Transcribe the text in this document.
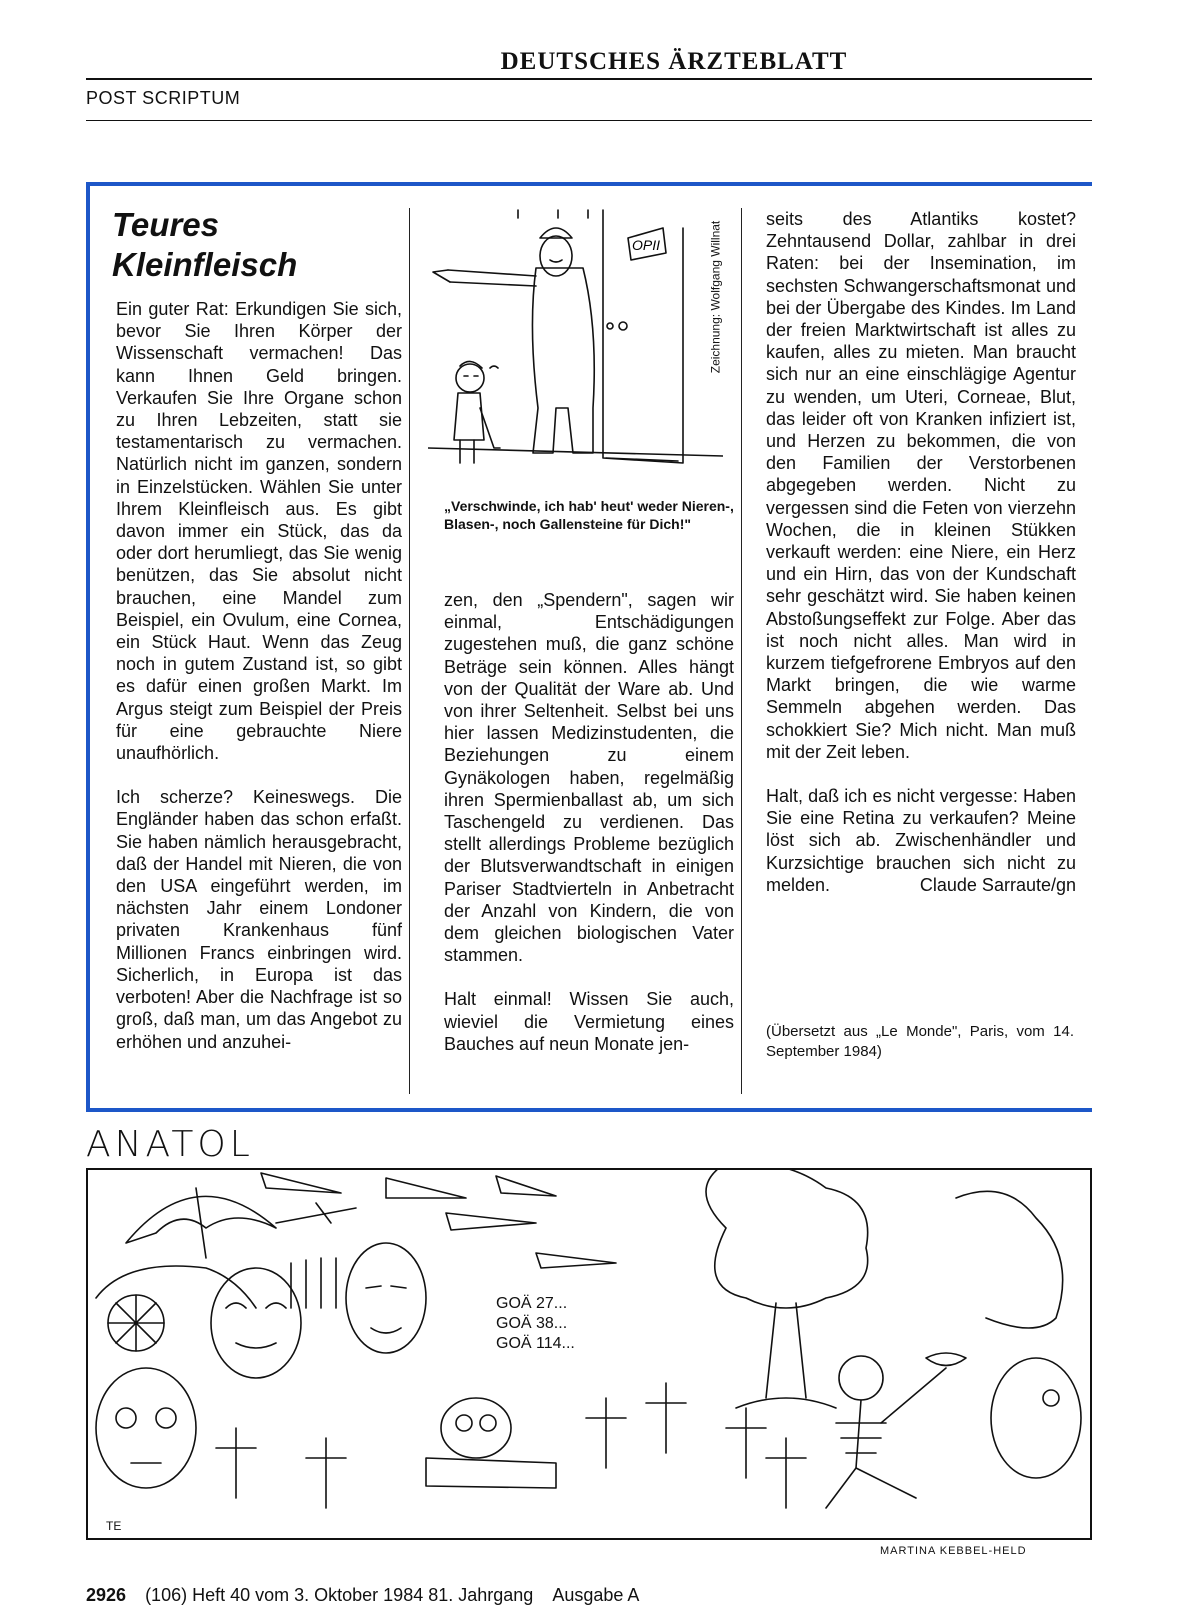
DEUTSCHES ÄRZTEBLATT
POST SCRIPTUM
Teures
Kleinfleisch

Ein guter Rat: Erkundigen Sie sich, bevor Sie Ihren Körper der Wissenschaft vermachen! Das kann Ihnen Geld bringen. Verkaufen Sie Ihre Organe schon zu Ihren Lebzeiten, statt sie testamentarisch zu vermachen. Natürlich nicht im ganzen, sondern in Einzelstücken. Wählen Sie unter Ihrem Kleinfleisch aus. Es gibt davon immer ein Stück, das da oder dort herumliegt, das Sie wenig benützen, das Sie absolut nicht brauchen, eine Mandel zum Beispiel, ein Ovulum, eine Cornea, ein Stück Haut. Wenn das Zeug noch in gutem Zustand ist, so gibt es dafür einen großen Markt. Im Argus steigt zum Beispiel der Preis für eine gebrauchte Niere unaufhörlich.

Ich scherze? Keineswegs. Die Engländer haben das schon erfaßt. Sie haben nämlich herausgebracht, daß der Handel mit Nieren, die von den USA eingeführt werden, im nächsten Jahr einem Londoner privaten Krankenhaus fünf Millionen Francs einbringen wird. Sicherlich, in Europa ist das verboten! Aber die Nachfrage ist so groß, daß man, um das Angebot zu erhöhen und anzuhei-

OPII	Zeichnung: Wolfgang Willnat
„Verschwinde, ich hab' heut' weder Nieren-, Blasen-, noch Gallensteine für Dich!"

zen, den „Spendern", sagen wir einmal, Entschädigungen zugestehen muß, die ganz schöne Beträge sein können. Alles hängt von der Qualität der Ware ab. Und von ihrer Seltenheit. Selbst bei uns hier lassen Medizinstudenten, die Beziehungen zu einem Gynäkologen haben, regelmäßig ihren Spermienballast ab, um sich Taschengeld zu verdienen. Das stellt allerdings Probleme bezüglich der Blutsverwandtschaft in einigen Pariser Stadtvierteln in Anbetracht der Anzahl von Kindern, die von dem gleichen biologischen Vater stammen.

Halt einmal! Wissen Sie auch, wieviel die Vermietung eines Bauches auf neun Monate jen-

seits des Atlantiks kostet? Zehntausend Dollar, zahlbar in drei Raten: bei der Insemination, im sechsten Schwangerschaftsmonat und bei der Übergabe des Kindes. Im Land der freien Marktwirtschaft ist alles zu kaufen, alles zu mieten. Man braucht sich nur an eine einschlägige Agentur zu wenden, um Uteri, Corneae, Blut, das leider oft von Kranken infiziert ist, und Herzen zu bekommen, die von den Familien der Verstorbenen abgegeben werden. Nicht zu vergessen sind die Feten von vierzehn Wochen, die in kleinen Stükken verkauft werden: eine Niere, ein Herz und ein Hirn, das von der Kundschaft sehr geschätzt wird. Sie haben keinen Abstoßungseffekt zur Folge. Aber das ist noch nicht alles. Man wird in kurzem tiefgefrorene Embryos auf den Markt bringen, die wie warme Semmeln abgehen werden. Das schokkiert Sie? Mich nicht. Man muß mit der Zeit leben.

Halt, daß ich es nicht vergesse: Haben Sie eine Retina zu verkaufen? Meine löst sich ab. Zwischenhändler und Kurzsichtige brauchen sich nicht zu melden.	Claude Sarraute/gn

(Übersetzt aus „Le Monde", Paris, vom 14. September 1984)
ANATOL
GOÄ 27...
GOÄ 38...
GOÄ 114...
TE
MARTINA KEBBEL-HELD
2926 (106) Heft 40 vom 3. Oktober 1984 81. Jahrgang Ausgabe A
